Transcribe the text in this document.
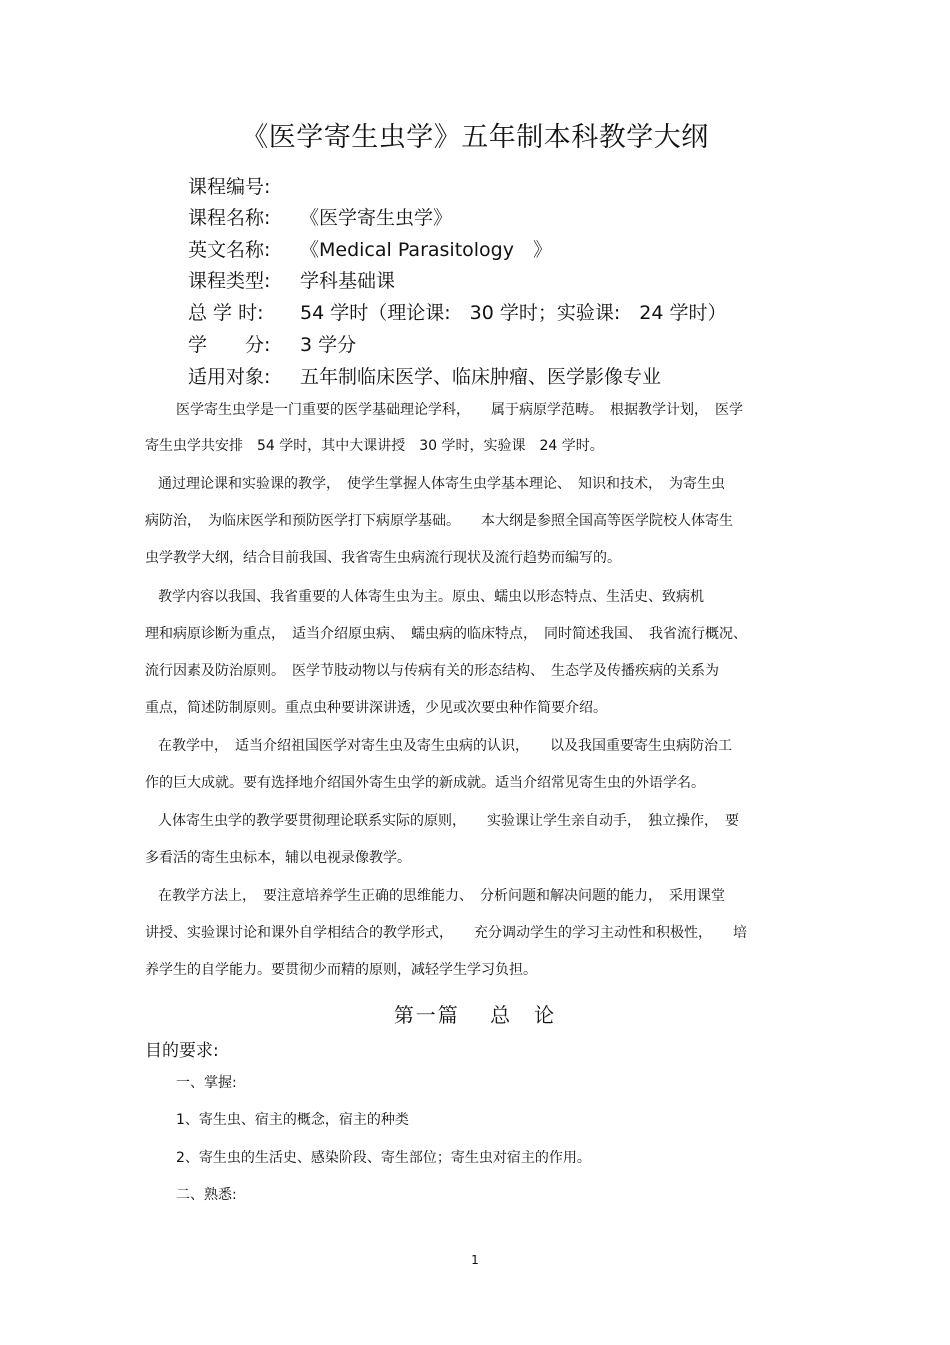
《医学寄生虫学》五年制本科教学大纲
课程编号:
课程名称: 《医学寄生虫学》
英文名称: 《Medical Parasitology　》
课程类型: 学科基础课
总 学 时: 54 学时（理论课:　30 学时；实验课:　24 学时）
学　　分: 3 学分
适用对象: 五年制临床医学、临床肿瘤、医学影像专业
医学寄生虫学是一门重要的医学基础理论学科，　　属于病原学范畴。　根据教学计划，　医学
寄生虫学共安排　54 学时，其中大课讲授　30 学时，实验课　24 学时。
通过理论课和实验课的教学，　使学生掌握人体寄生虫学基本理论、　知识和技术，　为寄生虫
病防治，　为临床医学和预防医学打下病原学基础。　　本大纲是参照全国高等医学院校人体寄生
虫学教学大纲，结合目前我国、我省寄生虫病流行现状及流行趋势而编写的。
教学内容以我国、我省重要的人体寄生虫为主。原虫、蠕虫以形态特点、生活史、致病机
理和病原诊断为重点，　适当介绍原虫病、　蠕虫病的临床特点，　同时简述我国、　我省流行概况、
流行因素及防治原则。　医学节肢动物以与传病有关的形态结构、　生态学及传播疾病的关系为
重点，简述防制原则。重点虫种要讲深讲透，少见或次要虫种作简要介绍。
在教学中，　适当介绍祖国医学对寄生虫及寄生虫病的认识，　　以及我国重要寄生虫病防治工
作的巨大成就。要有选择地介绍国外寄生虫学的新成就。适当介绍常见寄生虫的外语学名。
人体寄生虫学的教学要贯彻理论联系实际的原则，　　实验课让学生亲自动手，　独立操作，　要
多看活的寄生虫标本，辅以电视录像教学。
在教学方法上，　要注意培养学生正确的思维能力、　分析问题和解决问题的能力，　采用课堂
讲授、实验课讨论和课外自学相结合的教学形式，　　充分调动学生的学习主动性和积极性，　　培
养学生的自学能力。要贯彻少而精的原则，减轻学生学习负担。
第一篇　 总　论
目的要求:
一、掌握:
1、寄生虫、宿主的概念，宿主的种类
2、寄生虫的生活史、感染阶段、寄生部位；寄生虫对宿主的作用。
二、熟悉:
1
